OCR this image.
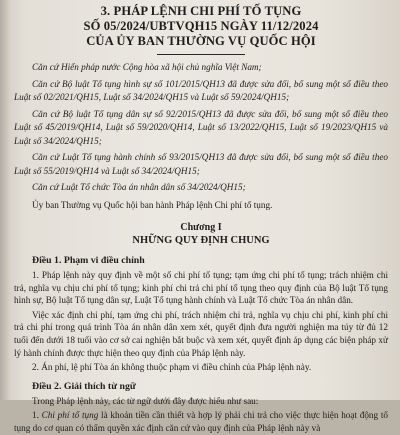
3. PHÁP LỆNH CHI PHÍ TỐ TỤNG
SỐ 05/2024/UBTVQH15 NGÀY 11/12/2024
CỦA ỦY BAN THƯỜNG VỤ QUỐC HỘI

Căn cứ Hiến pháp nước Cộng hòa xã hội chủ nghĩa Việt Nam;

Căn cứ Bộ luật Tố tụng hình sự số 101/2015/QH13 đã được sửa đổi, bổ sung một số điều theo Luật số 02/2021/QH15, Luật số 34/2024/QH15 và Luật số 59/2024/QH15;

Căn cứ Bộ luật Tố tụng dân sự số 92/2015/QH13 đã được sửa đổi, bổ sung một số điều theo Luật số 45/2019/QH14, Luật số 59/2020/QH14, Luật số 13/2022/QH15, Luật số 19/2023/QH15 và Luật số 34/2024/QH15;

Căn cứ Luật Tố tụng hành chính số 93/2015/QH13 đã được sửa đổi, bổ sung một số điều theo Luật số 55/2019/QH14 và Luật số 34/2024/QH15;

Căn cứ Luật Tổ chức Tòa án nhân dân số 34/2024/QH15;

Ủy ban Thường vụ Quốc hội ban hành Pháp lệnh Chi phí tố tụng.

Chương I
NHỮNG QUY ĐỊNH CHUNG
Điều 1. Phạm vi điều chỉnh

1. Pháp lệnh này quy định về một số chi phí tố tụng; tạm ứng chi phí tố tụng; trách nhiệm chi trả, nghĩa vụ chịu chi phí tố tụng; kinh phí chi trả chi phí tố tụng theo quy định của Bộ luật Tố tụng hình sự, Bộ luật Tố tụng dân sự, Luật Tố tụng hành chính và Luật Tổ chức Tòa án nhân dân.

Việc xác định chi phí, tạm ứng chi phí, trách nhiệm chi trả, nghĩa vụ chịu chi phí, kinh phí chi trả chi phí trong quá trình Tòa án nhân dân xem xét, quyết định đưa người nghiện ma túy từ đủ 12 tuổi đến dưới 18 tuổi vào cơ sở cai nghiện bắt buộc và xem xét, quyết định áp dụng các biện pháp xử lý hành chính được thực hiện theo quy định của Pháp lệnh này.

2. Án phí, lệ phí Tòa án không thuộc phạm vi điều chỉnh của Pháp lệnh này.

Điều 2. Giải thích từ ngữ

Trong Pháp lệnh này, các từ ngữ dưới đây được hiểu như sau:

1. Chi phí tố tụng là khoản tiền cần thiết và hợp lý phải chi trả cho việc thực hiện hoạt động tố tụng do cơ quan có thẩm quyền xác định căn cứ vào quy định của Pháp lệnh này và
